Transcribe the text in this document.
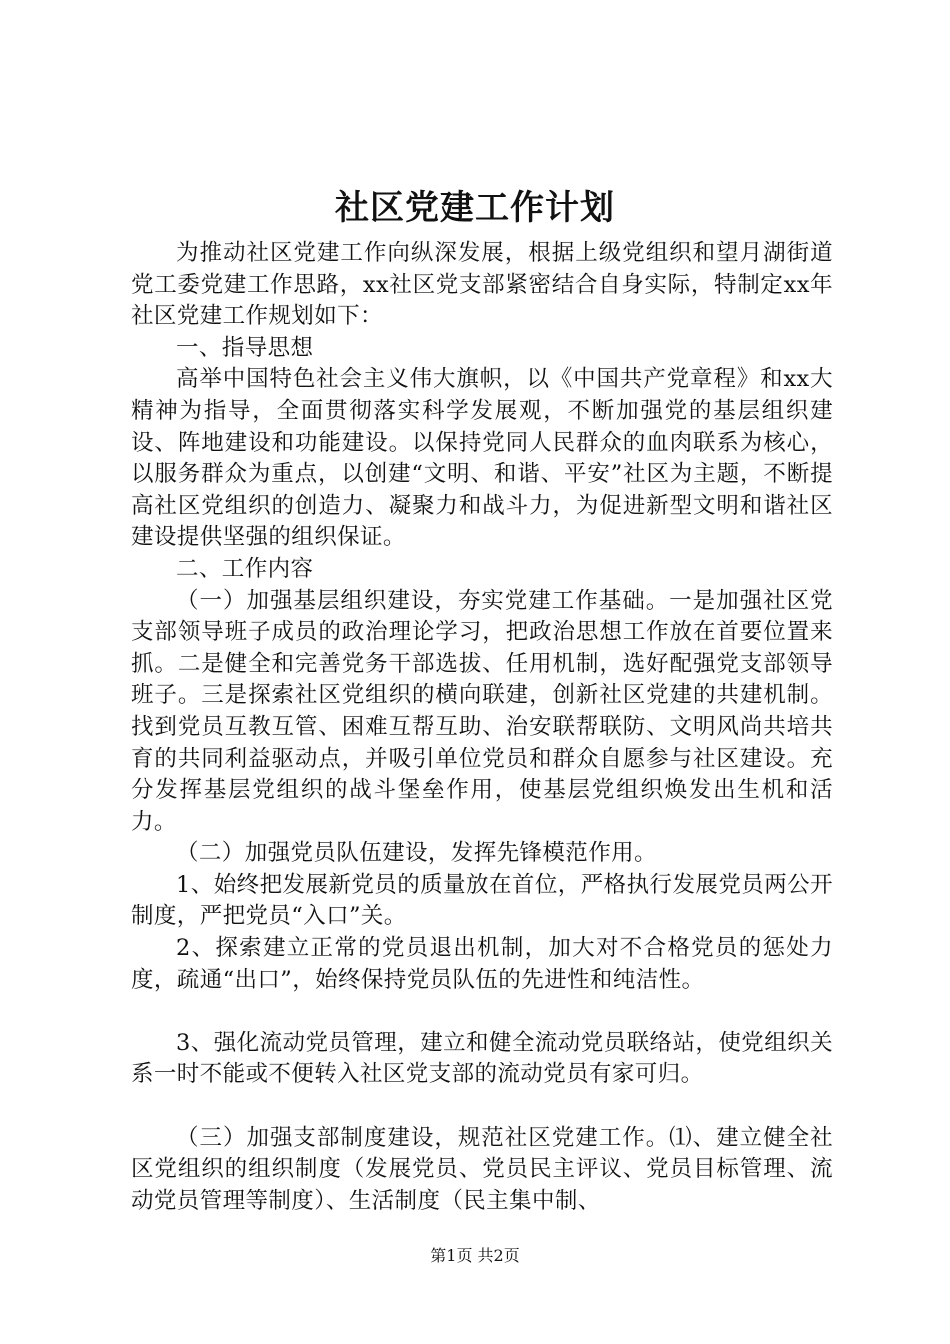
社区党建工作计划

为推动社区党建工作向纵深发展，根据上级党组织和望月湖街道党工委党建工作思路，xx社区党支部紧密结合自身实际，特制定xx年社区党建工作规划如下：

一、指导思想

高举中国特色社会主义伟大旗帜，以《中国共产党章程》和xx大精神为指导，全面贯彻落实科学发展观，不断加强党的基层组织建设、阵地建设和功能建设。以保持党同人民群众的血肉联系为核心，以服务群众为重点，以创建“文明、和谐、平安”社区为主题，不断提高社区党组织的创造力、凝聚力和战斗力，为促进新型文明和谐社区建设提供坚强的组织保证。

二、工作内容

（一）加强基层组织建设，夯实党建工作基础。一是加强社区党支部领导班子成员的政治理论学习，把政治思想工作放在首要位置来抓。二是健全和完善党务干部选拔、任用机制，选好配强党支部领导班子。三是探索社区党组织的横向联建，创新社区党建的共建机制。找到党员互教互管、困难互帮互助、治安联帮联防、文明风尚共培共育的共同利益驱动点，并吸引单位党员和群众自愿参与社区建设。充分发挥基层党组织的战斗堡垒作用，使基层党组织焕发出生机和活力。

（二）加强党员队伍建设，发挥先锋模范作用。

1、始终把发展新党员的质量放在首位，严格执行发展党员两公开制度，严把党员“入口”关。

2、探索建立正常的党员退出机制，加大对不合格党员的惩处力度，疏通“出口”，始终保持党员队伍的先进性和纯洁性。

3、强化流动党员管理，建立和健全流动党员联络站，使党组织关系一时不能或不便转入社区党支部的流动党员有家可归。

（三）加强支部制度建设，规范社区党建工作。⑴、建立健全社区党组织的组织制度（发展党员、党员民主评议、党员目标管理、流动党员管理等制度）、生活制度（民主集中制、

第1页 共2页
